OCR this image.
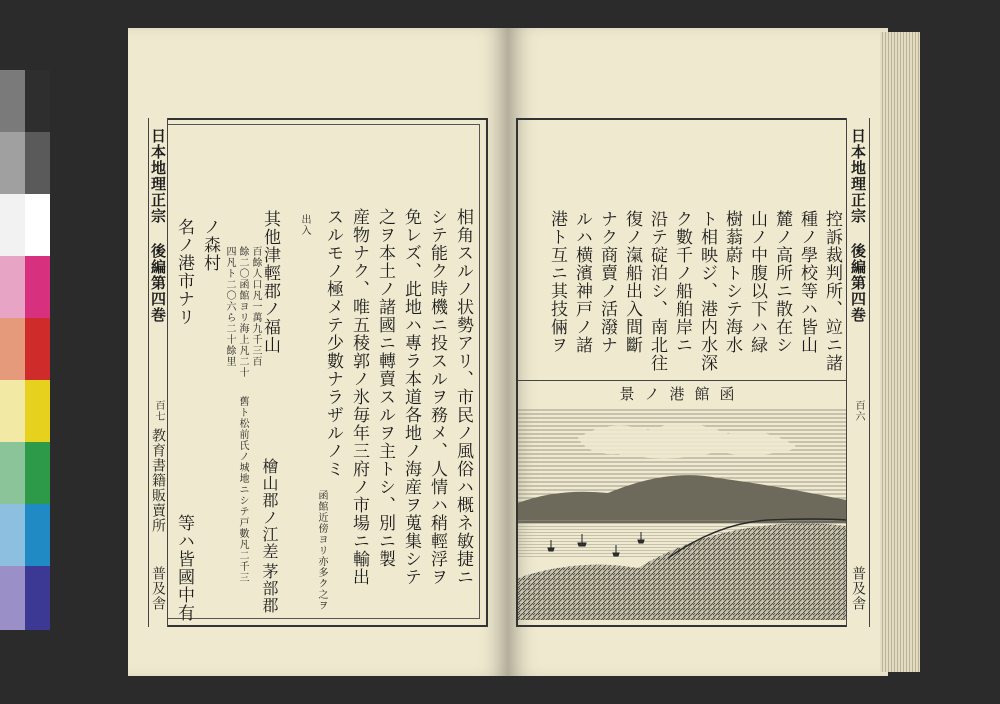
日本地理正宗
後編第四巻
百七
教育書籍販賣所
普及舎
相角スルノ状勢アリ、市民ノ風俗ハ概ネ敏捷ニ
シテ能ク時機ニ投スルヲ務メ、人情ハ稍輕浮ヲ
免レズ、此地ハ專ラ本道各地ノ海産ヲ蒐集シテ
之ヲ本土ノ諸國ニ轉賣スルヲ主トシ、別ニ製
産物ナク、唯五稜郭ノ氷毎年三府ノ市場ニ輸出
スルモノ極メテ少數ナラザルノミ
出入
函館近傍ヨリ亦多ク之ヲ
其他津輕郡ノ福山
百餘人口凡一萬九千三百
餘二〇函館ヨリ海上凡二十
四凡ト二〇六ら二十餘里
ノ森村
名ノ港市ナリ
舊ト松前氏ノ城地ニシテ戸數凡二千三 檜山郡ノ江差
茅部郡
等ハ皆國中有
日本地理正宗
後編第四巻
百六
普及舎
控訴裁判所、竝ニ諸
種ノ學校等ハ皆山
麓ノ高所ニ散在シ
山ノ中腹以下ハ緑
樹蓊蔚トシテ海水
ト相映ジ、港内水深
ク數千ノ船舶岸ニ
沿テ碇泊シ、南北往
復ノ滊船出入間斷
ナク商賣ノ活潑ナ
ルハ横濱神戸ノ諸
港ト互ニ其技倆ヲ
景ノ港館函
